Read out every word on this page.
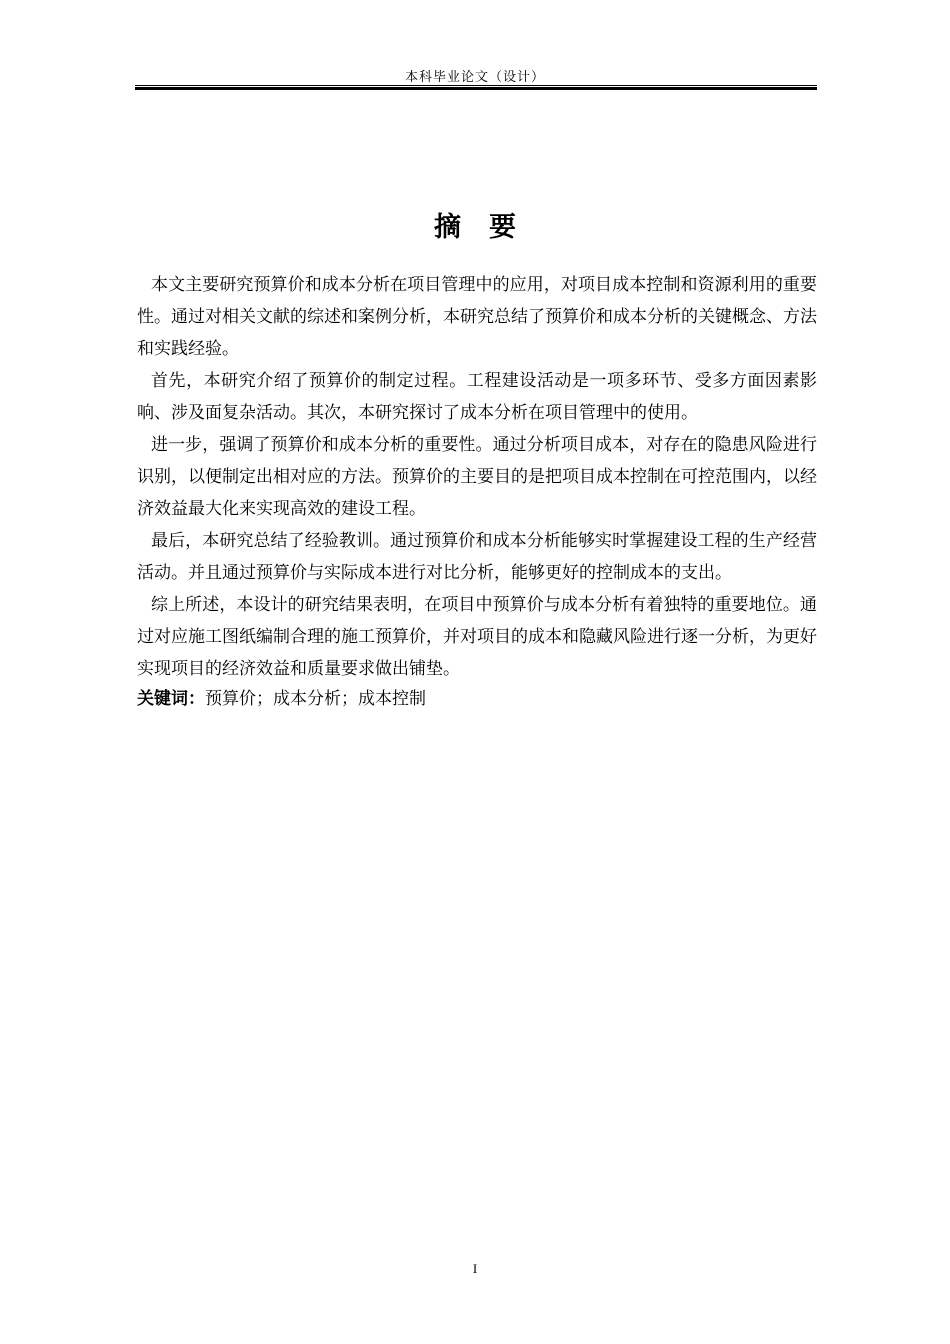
本科毕业论文（设计）
摘要

本文主要研究预算价和成本分析在项目管理中的应用，对项目成本控制和资源利用的重要性。通过对相关文献的综述和案例分析，本研究总结了预算价和成本分析的关键概念、方法和实践经验。

首先，本研究介绍了预算价的制定过程。工程建设活动是一项多环节、受多方面因素影响、涉及面复杂活动。其次，本研究探讨了成本分析在项目管理中的使用。

进一步，强调了预算价和成本分析的重要性。通过分析项目成本，对存在的隐患风险进行识别，以便制定出相对应的方法。预算价的主要目的是把项目成本控制在可控范围内，以经济效益最大化来实现高效的建设工程。

最后，本研究总结了经验教训。通过预算价和成本分析能够实时掌握建设工程的生产经营活动。并且通过预算价与实际成本进行对比分析，能够更好的控制成本的支出。

综上所述，本设计的研究结果表明，在项目中预算价与成本分析有着独特的重要地位。通过对应施工图纸编制合理的施工预算价，并对项目的成本和隐藏风险进行逐一分析，为更好实现项目的经济效益和质量要求做出铺垫。

关键词：预算价；成本分析；成本控制
I
